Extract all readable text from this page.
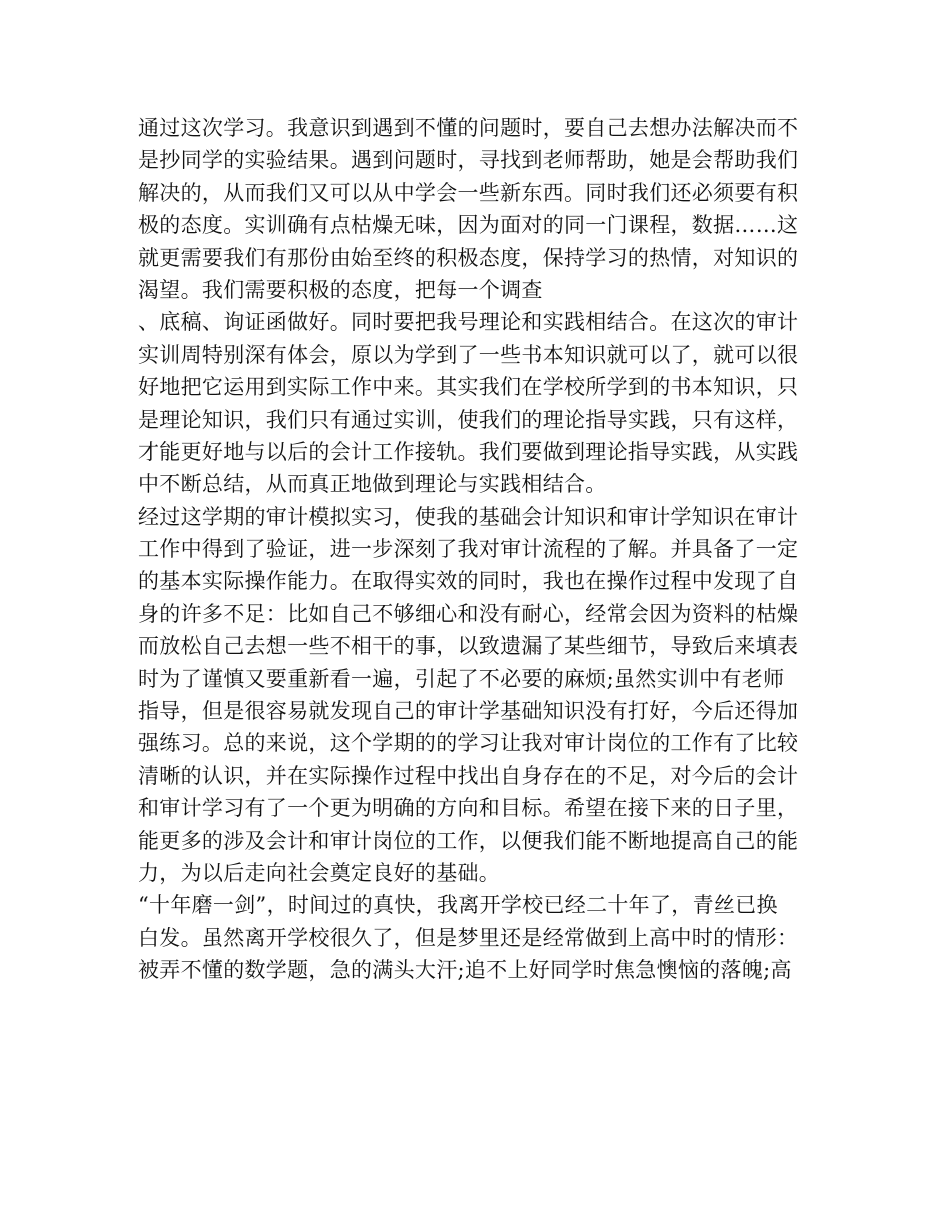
通过这次学习。我意识到遇到不懂的问题时，要自己去想办法解决而不
是抄同学的实验结果。遇到问题时，寻找到老师帮助，她是会帮助我们
解决的，从而我们又可以从中学会一些新东西。同时我们还必须要有积
极的态度。实训确有点枯燥无味，因为面对的同一门课程，数据……这
就更需要我们有那份由始至终的积极态度，保持学习的热情，对知识的
渴望。我们需要积极的态度，把每一个调查
、底稿、询证函做好。同时要把我号理论和实践相结合。在这次的审计
实训周特别深有体会，原以为学到了一些书本知识就可以了，就可以很
好地把它运用到实际工作中来。其实我们在学校所学到的书本知识，只
是理论知识，我们只有通过实训，使我们的理论指导实践，只有这样，
才能更好地与以后的会计工作接轨。我们要做到理论指导实践，从实践
中不断总结，从而真正地做到理论与实践相结合。
经过这学期的审计模拟实习，使我的基础会计知识和审计学知识在审计
工作中得到了验证，进一步深刻了我对审计流程的了解。并具备了一定
的基本实际操作能力。在取得实效的同时，我也在操作过程中发现了自
身的许多不足：比如自己不够细心和没有耐心，经常会因为资料的枯燥
而放松自己去想一些不相干的事，以致遗漏了某些细节，导致后来填表
时为了谨慎又要重新看一遍，引起了不必要的麻烦;虽然实训中有老师
指导，但是很容易就发现自己的审计学基础知识没有打好，今后还得加
强练习。总的来说，这个学期的的学习让我对审计岗位的工作有了比较
清晰的认识，并在实际操作过程中找出自身存在的不足，对今后的会计
和审计学习有了一个更为明确的方向和目标。希望在接下来的日子里，
能更多的涉及会计和审计岗位的工作，以便我们能不断地提高自己的能
力，为以后走向社会奠定良好的基础。
“十年磨一剑”，时间过的真快，我离开学校已经二十年了，青丝已换
白发。虽然离开学校很久了，但是梦里还是经常做到上高中时的情形：
被弄不懂的数学题，急的满头大汗;追不上好同学时焦急懊恼的落魄;高
